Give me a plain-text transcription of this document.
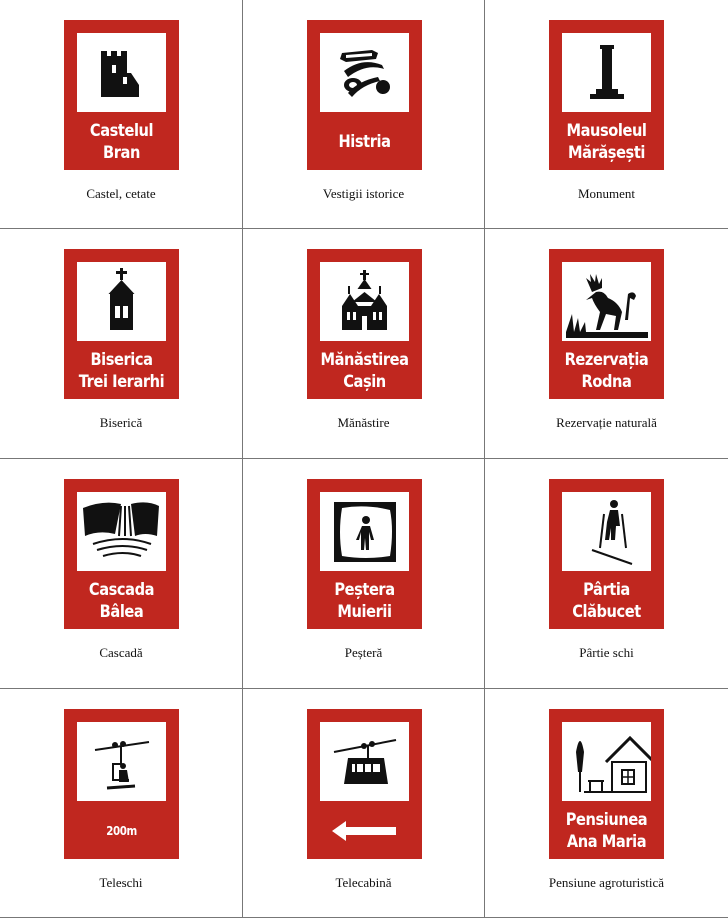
Castelul
Bran
Castel, cetate
Histria
Vestigii istorice
Mausoleul
Mărășești
Monument
Biserica
Trei Ierarhi
Biserică
Mănăstirea
Cașin
Mănăstire
Rezervația
Rodna
Rezervație naturală
Cascada
Bâlea
Cascadă
Peștera
Muierii
Peșteră
Pârtia
Clăbucet
Pârtie schi
200m
Teleschi	Telecabină
Pensiunea
Ana Maria
Pensiune agroturistică
